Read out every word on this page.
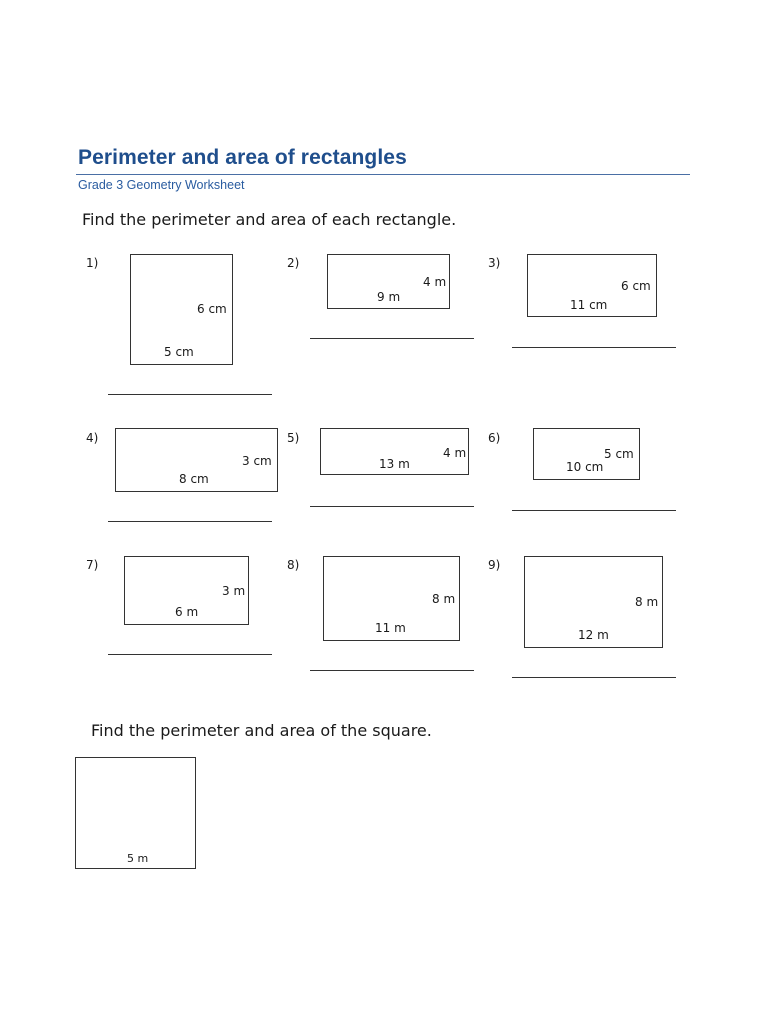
Perimeter and area of rectangles
Grade 3 Geometry Worksheet
Find the perimeter and area of each rectangle.
1)
6 cm
5 cm
2)
4 m
9 m
3)
6 cm
11 cm
4)
3 cm
8 cm
5)
4 m
13 m
6)
5 cm
10 cm
7)
3 m
6 m
8)
8 m
11 m
9)
8 m
12 m
Find the perimeter and area of the square.
5 m
